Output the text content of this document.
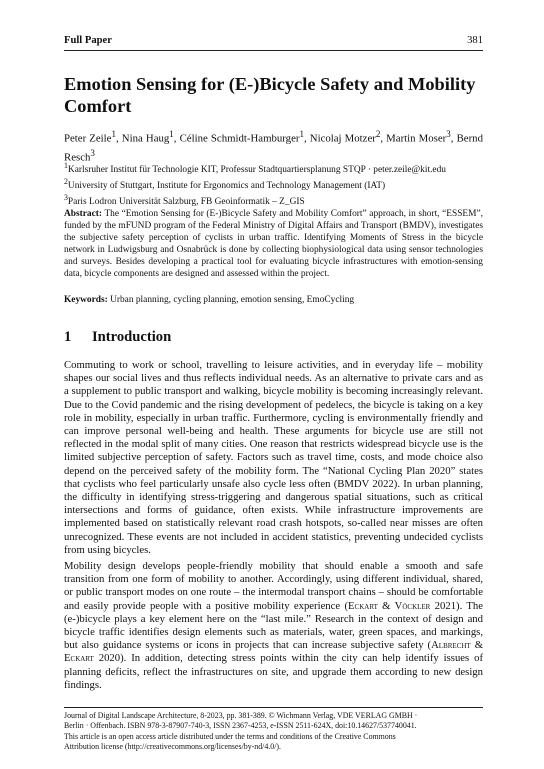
Full Paper	381
Emotion Sensing for (E-)Bicycle Safety and Mobility Comfort
Peter Zeile$^1$, Nina Haug$^1$, Céline Schmidt-Hamburger$^1$, Nicolaj Motzer$^2$, Martin Moser$^3$, Bernd Resch$^3$
$^1$Karlsruher Institut für Technologie KIT, Professur Stadtquartiersplanung STQP · peter.zeile@kit.edu
$^2$University of Stuttgart, Institute for Ergonomics and Technology Management (IAT)
$^3$Paris Lodron Universität Salzburg, FB Geoinformatik – Z_GIS
Abstract: The “Emotion Sensing for (E-)Bicycle Safety and Mobility Comfort” approach, in short, “ESSEM”, funded by the mFUND program of the Federal Ministry of Digital Affairs and Transport (BMDV), investigates the subjective safety perception of cyclists in urban traffic. Identifying Moments of Stress in the bicycle network in Ludwigsburg and Osnabrück is done by collecting biophysiological data using sensor technologies and surveys. Besides developing a practical tool for evaluating bicycle infrastructures with emotion-sensing data, bicycle components are designed and assessed within the project.
Keywords: Urban planning, cycling planning, emotion sensing, EmoCycling
1 Introduction
Commuting to work or school, travelling to leisure activities, and in everyday life – mobility shapes our social lives and thus reflects individual needs. As an alternative to private cars and as a supplement to public transport and walking, bicycle mobility is becoming increasingly relevant. Due to the Covid pandemic and the rising development of pedelecs, the bicycle is taking on a key role in mobility, especially in urban traffic. Furthermore, cycling is environmentally friendly and can improve personal well-being and health. These arguments for bicycle use are still not reflected in the modal split of many cities. One reason that restricts widespread bicycle use is the limited subjective perception of safety. Factors such as travel time, costs, and mode choice also depend on the perceived safety of the mobility form. The “National Cycling Plan 2020” states that cyclists who feel particularly unsafe also cycle less often (BMDV 2022). In urban planning, the difficulty in identifying stress-triggering and dangerous spatial situations, such as critical intersections and forms of guidance, often exists. While infrastructure improvements are implemented based on statistically relevant road crash hotspots, so-called near misses are often unrecognized. These events are not included in accident statistics, preventing undecided cyclists from using bicycles.
Mobility design develops people-friendly mobility that should enable a smooth and safe transition from one form of mobility to another. Accordingly, using different individual, shared, or public transport modes on one route – the intermodal transport chains – should be comfortable and easily provide people with a positive mobility experience (Eckart & Vöckler 2021). The (e-)bicycle plays a key element here on the “last mile.” Research in the context of design and bicycle traffic identifies design elements such as materials, water, green spaces, and markings, but also guidance systems or icons in projects that can increase subjective safety (Albrecht & Eckart 2020). In addition, detecting stress points within the city can help identify issues of planning deficits, reflect the infrastructures on site, and upgrade them according to new design findings.
Journal of Digital Landscape Architecture, 8-2023, pp. 381-389. © Wichmann Verlag, VDE VERLAG GMBH ·
Berlin · Offenbach. ISBN 978-3-87907-740-3, ISSN 2367-4253, e-ISSN 2511-624X, doi:10.14627/537740041.
This article is an open access article distributed under the terms and conditions of the Creative Commons
Attribution license (http://creativecommons.org/licenses/by-nd/4.0/).
